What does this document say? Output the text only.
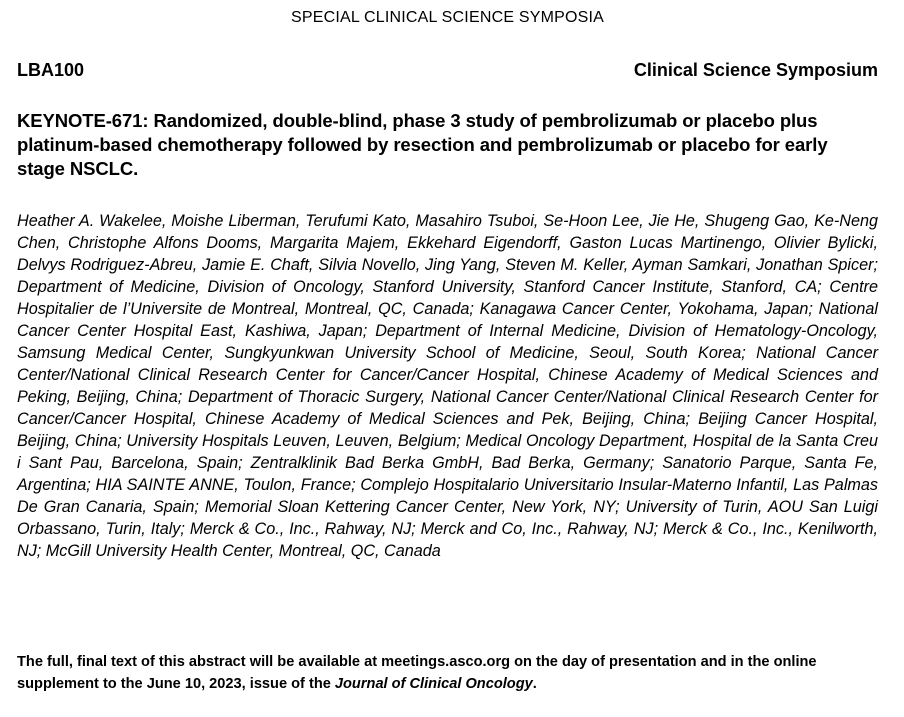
SPECIAL CLINICAL SCIENCE SYMPOSIA
LBA100	Clinical Science Symposium
KEYNOTE-671: Randomized, double-blind, phase 3 study of pembrolizumab or placebo plus platinum-based chemotherapy followed by resection and pembrolizumab or placebo for early stage NSCLC.
Heather A. Wakelee, Moishe Liberman, Terufumi Kato, Masahiro Tsuboi, Se-Hoon Lee, Jie He, Shugeng Gao, Ke-Neng Chen, Christophe Alfons Dooms, Margarita Majem, Ekkehard Eigendorff, Gaston Lucas Martinengo, Olivier Bylicki, Delvys Rodriguez-Abreu, Jamie E. Chaft, Silvia Novello, Jing Yang, Steven M. Keller, Ayman Samkari, Jonathan Spicer; Department of Medicine, Division of Oncology, Stanford University, Stanford Cancer Institute, Stanford, CA; Centre Hospitalier de l’Universite de Montreal, Montreal, QC, Canada; Kanagawa Cancer Center, Yokohama, Japan; National Cancer Center Hospital East, Kashiwa, Japan; Department of Internal Medicine, Division of Hematology-Oncology, Samsung Medical Center, Sungkyunkwan University School of Medicine, Seoul, South Korea; National Cancer Center/National Clinical Research Center for Cancer/Cancer Hospital, Chinese Academy of Medical Sciences and Peking, Beijing, China; Department of Thoracic Surgery, National Cancer Center/National Clinical Research Center for Cancer/Cancer Hospital, Chinese Academy of Medical Sciences and Pek, Beijing, China; Beijing Cancer Hospital, Beijing, China; University Hospitals Leuven, Leuven, Belgium; Medical Oncology Department, Hospital de la Santa Creu i Sant Pau, Barcelona, Spain; Zentralklinik Bad Berka GmbH, Bad Berka, Germany; Sanatorio Parque, Santa Fe, Argentina; HIA SAINTE ANNE, Toulon, France; Complejo Hospitalario Universitario Insular-Materno Infantil, Las Palmas De Gran Canaria, Spain; Memorial Sloan Kettering Cancer Center, New York, NY; University of Turin, AOU San Luigi Orbassano, Turin, Italy; Merck & Co., Inc., Rahway, NJ; Merck and Co, Inc., Rahway, NJ; Merck & Co., Inc., Kenilworth, NJ; McGill University Health Center, Montreal, QC, Canada
The full, final text of this abstract will be available at meetings.asco.org on the day of presentation and in the online supplement to the June 10, 2023, issue of the Journal of Clinical Oncology.
